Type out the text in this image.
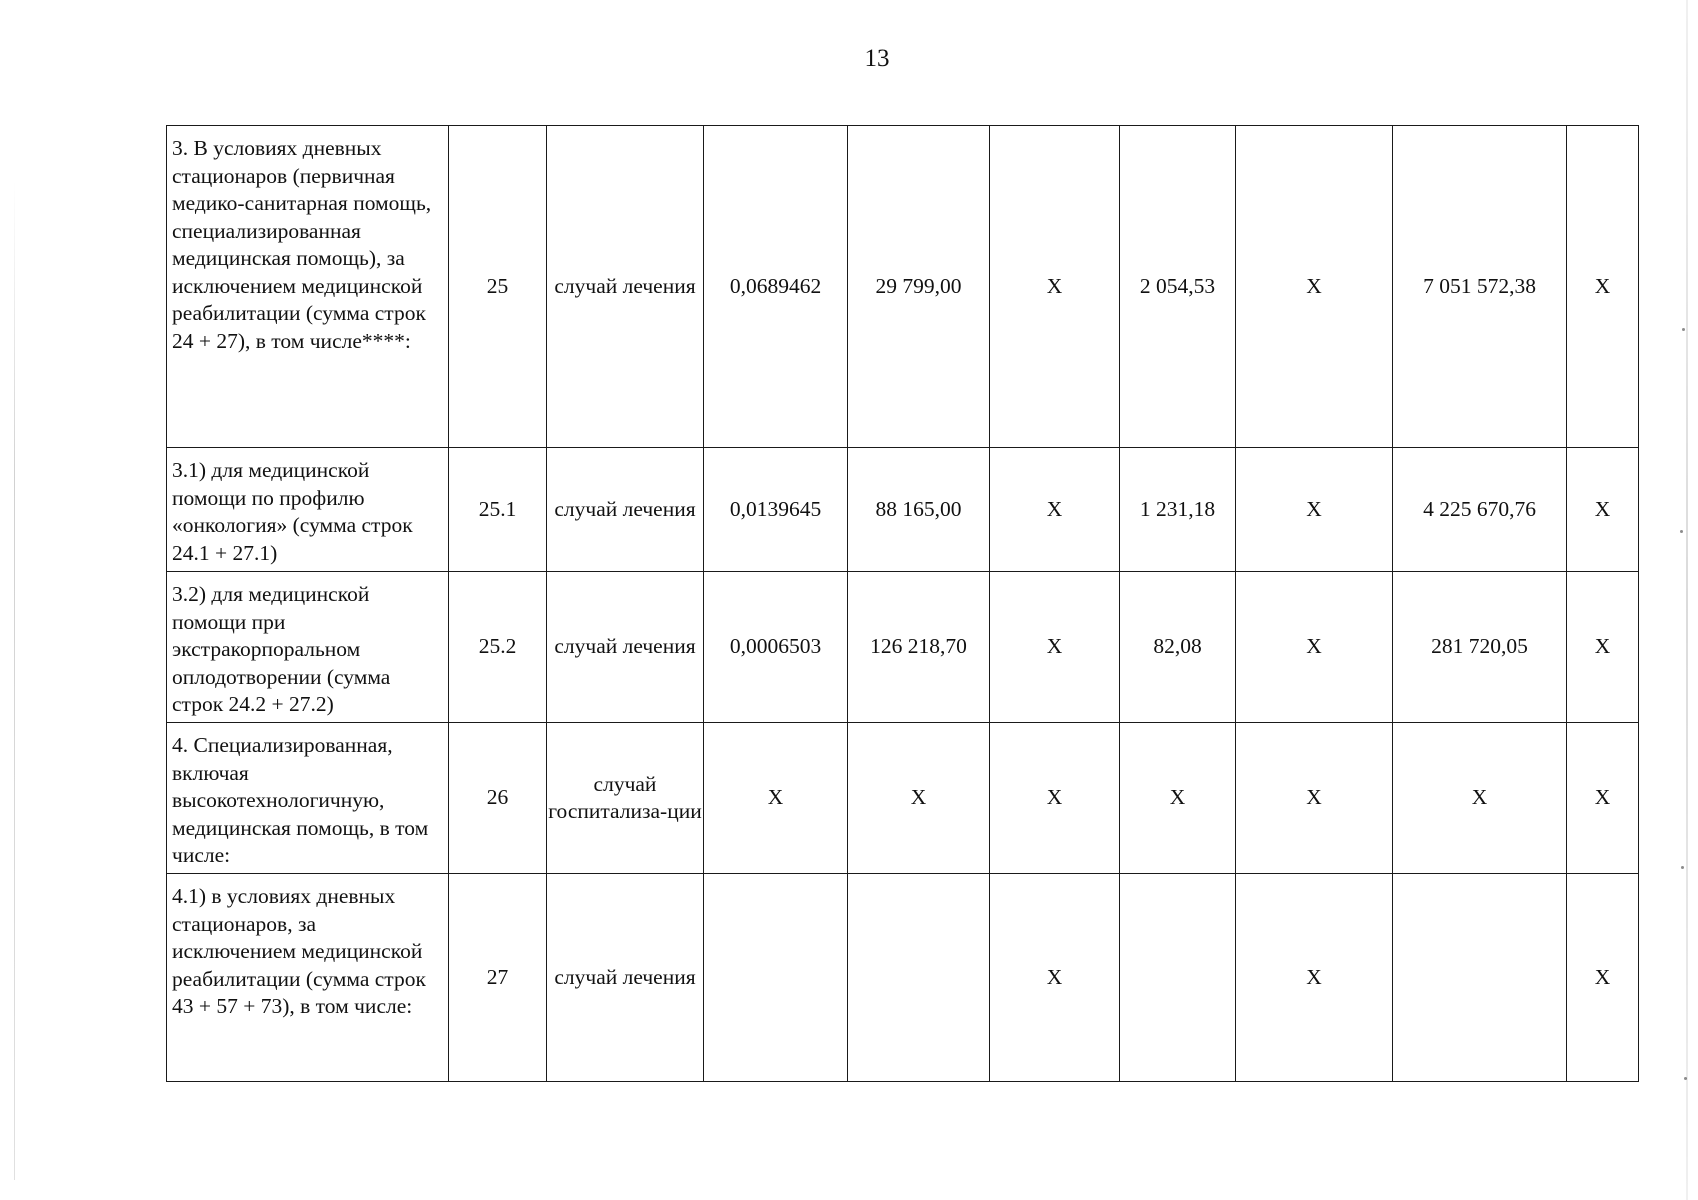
13
3. В условиях дневных стационаров (первичная медико-санитарная помощь, специализированная медицинская помощь), за исключением медицинской реабилитации (сумма строк 24 + 27), в том числе****:	25	случай лечения	0,0689462	29 799,00	X	2 054,53	X	7 051 572,38	X
3.1) для медицинской помощи по профилю «онкология» (сумма строк 24.1 + 27.1)	25.1	случай лечения	0,0139645	88 165,00	X	1 231,18	X	4 225 670,76	X
3.2) для медицинской помощи при экстракорпоральном оплодотворении (сумма строк 24.2 + 27.2)	25.2	случай лечения	0,0006503	126 218,70	X	82,08	X	281 720,05	X
4. Специализированная, включая высокотехнологичную, медицинская помощь, в том числе:	26	случай госпитализа-ции	X	X	X	X	X	X	X
4.1) в условиях дневных стационаров, за исключением медицинской реабилитации (сумма строк 43 + 57 + 73), в том числе:	27	случай лечения			X		X		X
